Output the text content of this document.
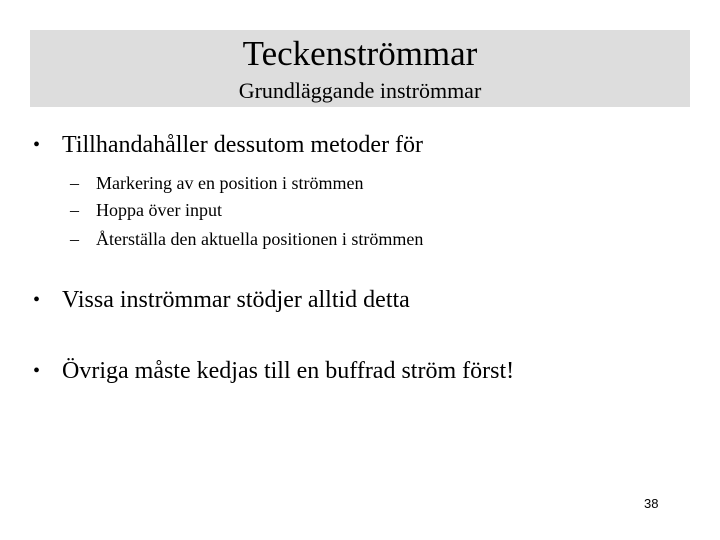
Teckenströmmar
Grundläggande inströmmar
• Tillhandahåller dessutom metoder för
– Markering av en position i strömmen
– Hoppa över input
– Återställa den aktuella positionen i strömmen
• Vissa inströmmar stödjer alltid detta
• Övriga måste kedjas till en buffrad ström först!
38
